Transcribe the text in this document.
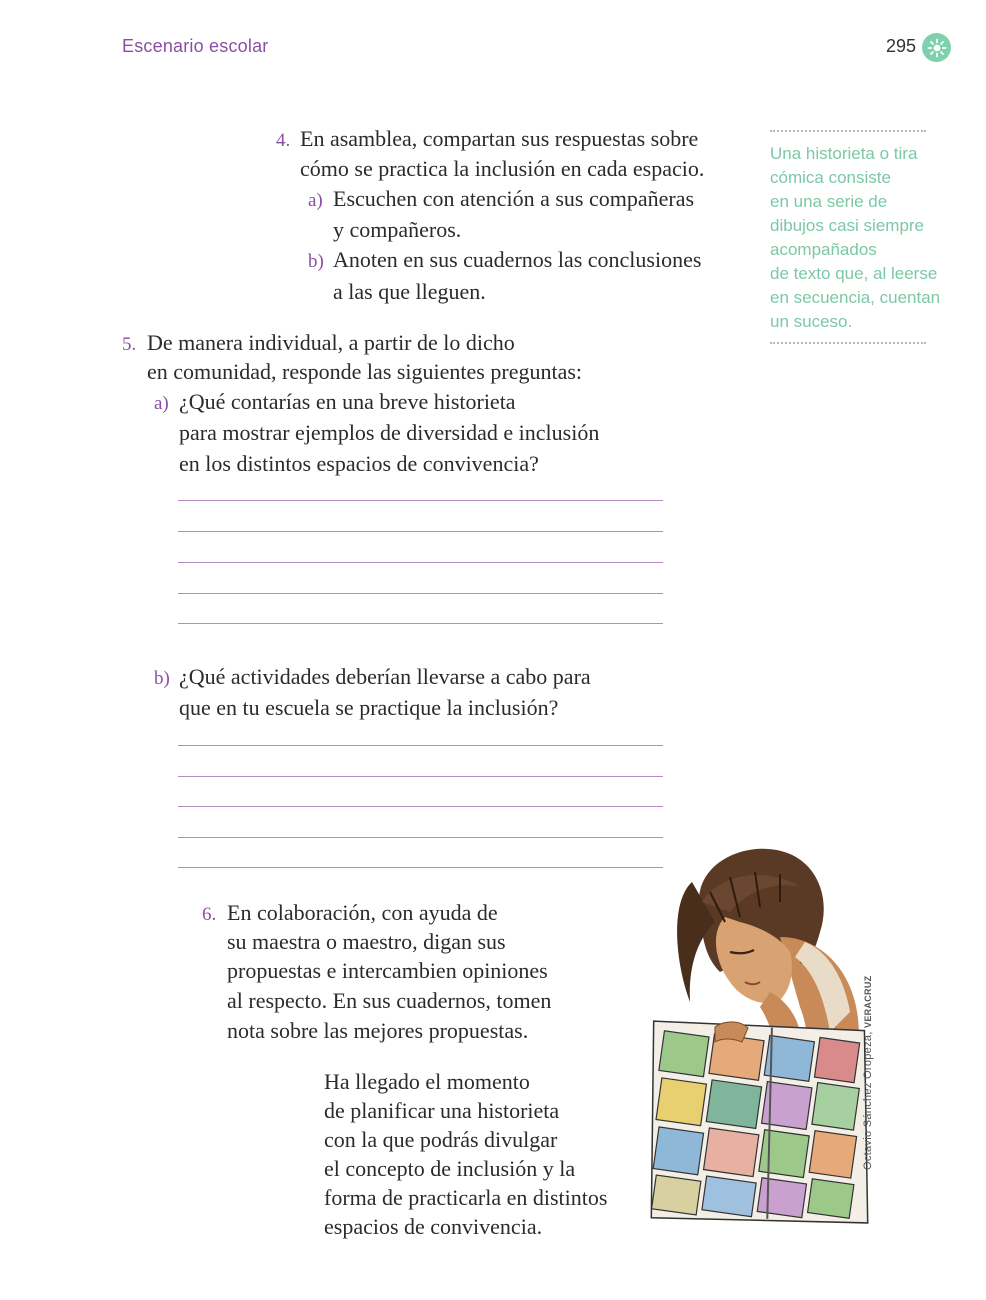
Escenario escolar	295
4. En asamblea, compartan sus respuestas sobre
cómo se practica la inclusión en cada espacio.
a) Escuchen con atención a sus compañeras
y compañeros.
b) Anoten en sus cuadernos las conclusiones
a las que lleguen.

Una historieta o tira

cómica consiste

en una serie de

dibujos casi siempre

acompañados

de texto que, al leerse

en secuencia, cuentan

un suceso.

5. De manera individual, a partir de lo dicho
en comunidad, responde las siguientes preguntas:
a) ¿Qué contarías en una breve historieta
para mostrar ejemplos de diversidad e inclusión
en los distintos espacios de convivencia?
b) ¿Qué actividades deberían llevarse a cabo para
que en tu escuela se practique la inclusión?
6. En colaboración, con ayuda de
su maestra o maestro, digan sus
propuestas e intercambien opiniones
al respecto. En sus cuadernos, tomen
nota sobre las mejores propuestas.
Ha llegado el momento
de planificar una historieta
con la que podrás divulgar
el concepto de inclusión y la
forma de practicarla en distintos
espacios de convivencia.
Octavio Sánchez Oropeza, VERACRUZ
